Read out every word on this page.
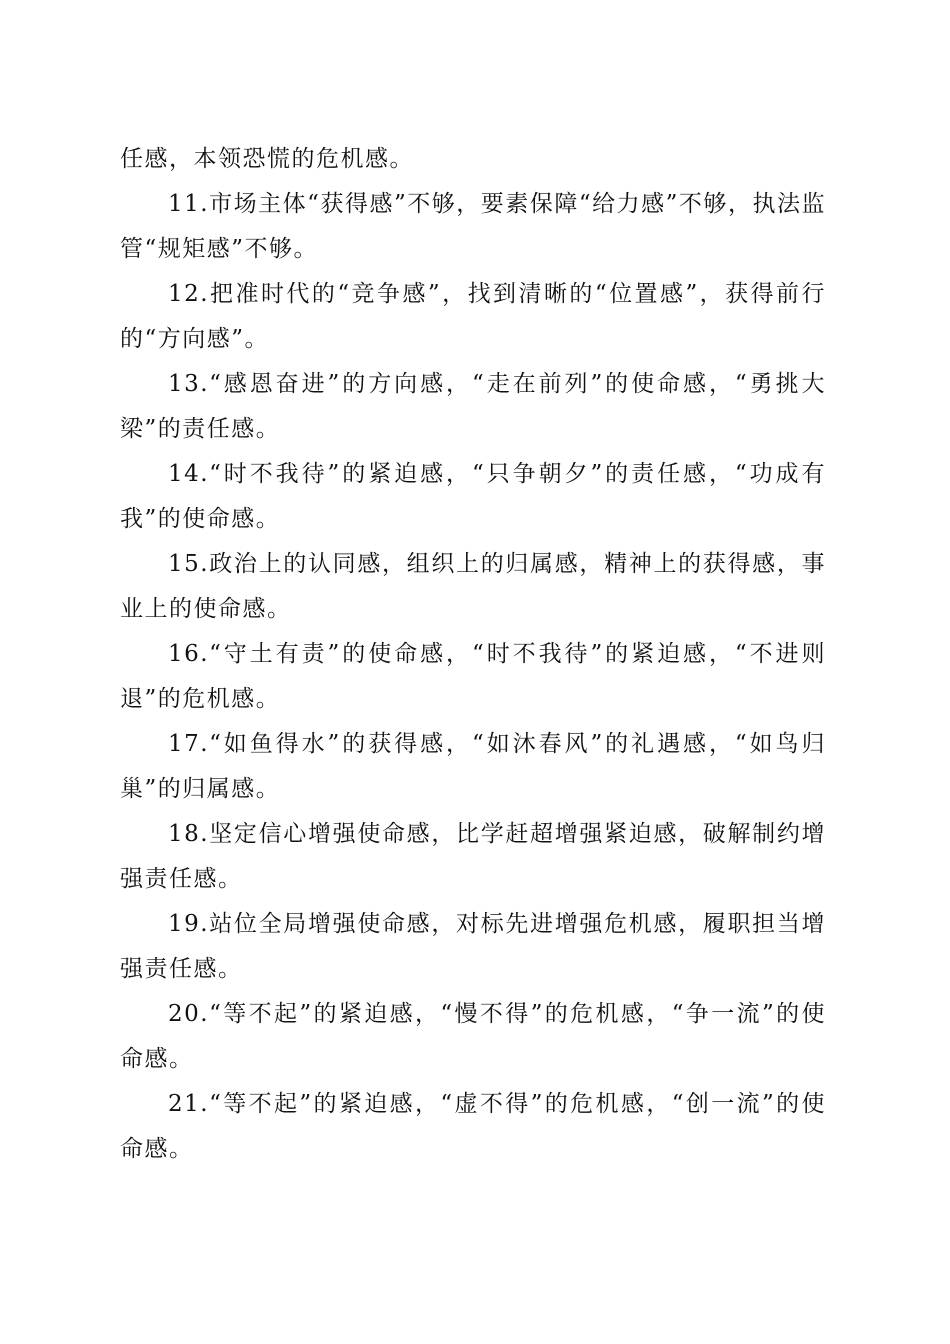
任感，本领恐慌的危机感。

11.市场主体“获得感”不够，要素保障“给力感”不够，执法监管“规矩感”不够。

12.把准时代的“竞争感”，找到清晰的“位置感”，获得前行的“方向感”。

13.“感恩奋进”的方向感，“走在前列”的使命感，“勇挑大梁”的责任感。

14.“时不我待”的紧迫感，“只争朝夕”的责任感，“功成有我”的使命感。

15.政治上的认同感，组织上的归属感，精神上的获得感，事业上的使命感。

16.“守土有责”的使命感，“时不我待”的紧迫感，“不进则退”的危机感。

17.“如鱼得水”的获得感，“如沐春风”的礼遇感，“如鸟归巢”的归属感。

18.坚定信心增强使命感，比学赶超增强紧迫感，破解制约增强责任感。

19.站位全局增强使命感，对标先进增强危机感，履职担当增强责任感。

20.“等不起”的紧迫感，“慢不得”的危机感，“争一流”的使命感。

21.“等不起”的紧迫感，“虚不得”的危机感，“创一流”的使命感。
